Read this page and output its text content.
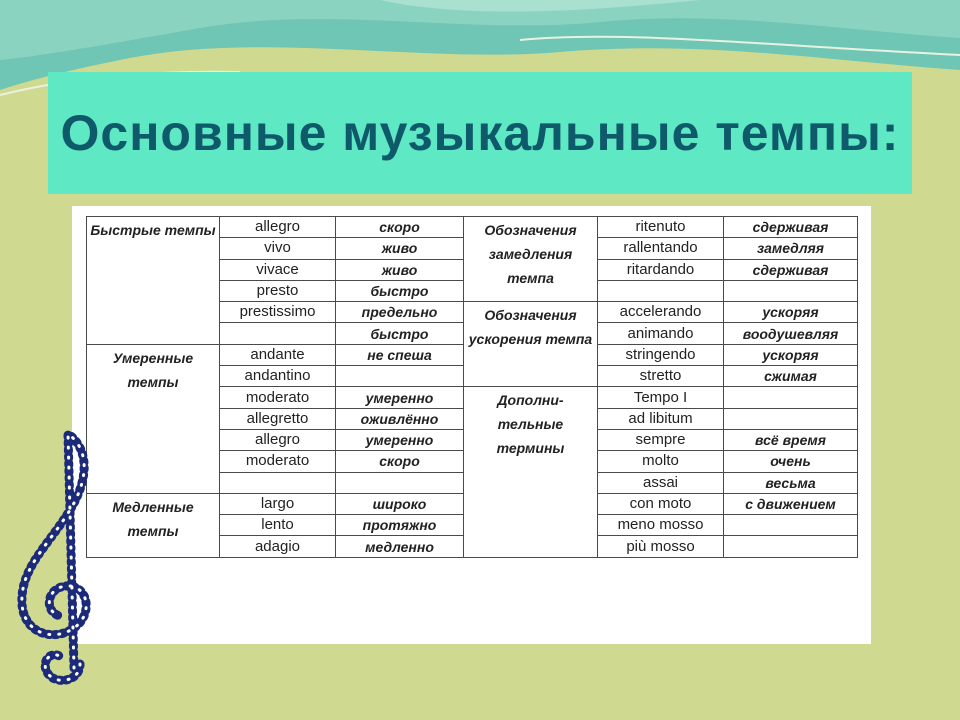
Основные музыкальные темпы:
Быстрые темпы	allegro	скоро	Обозначения замедления темпа	ritenuto	сдерживая
	vivo	живо		rallentando	замедляя
	vivace	живо		ritardando	сдерживая
	presto	быстро			
	prestissimo	предельно	Обозначения ускорения темпа	accelerando	ускоряя
		быстро		animando	воодушевляя
Умеренные темпы	andante	не спеша		stringendo	ускоряя
	andantino			stretto	сжимая
	moderato	умеренно	Дополни-тельные термины	Tempo I	
	allegretto	оживлённо		ad libitum	
	allegro	умеренно		sempre	всё время
	moderato	скоро		molto	очень
				assai	весьма
Медленные темпы	largo	широко		con moto	с движением
	lento	протяжно		meno mosso	
	adagio	медленно		più mosso	
